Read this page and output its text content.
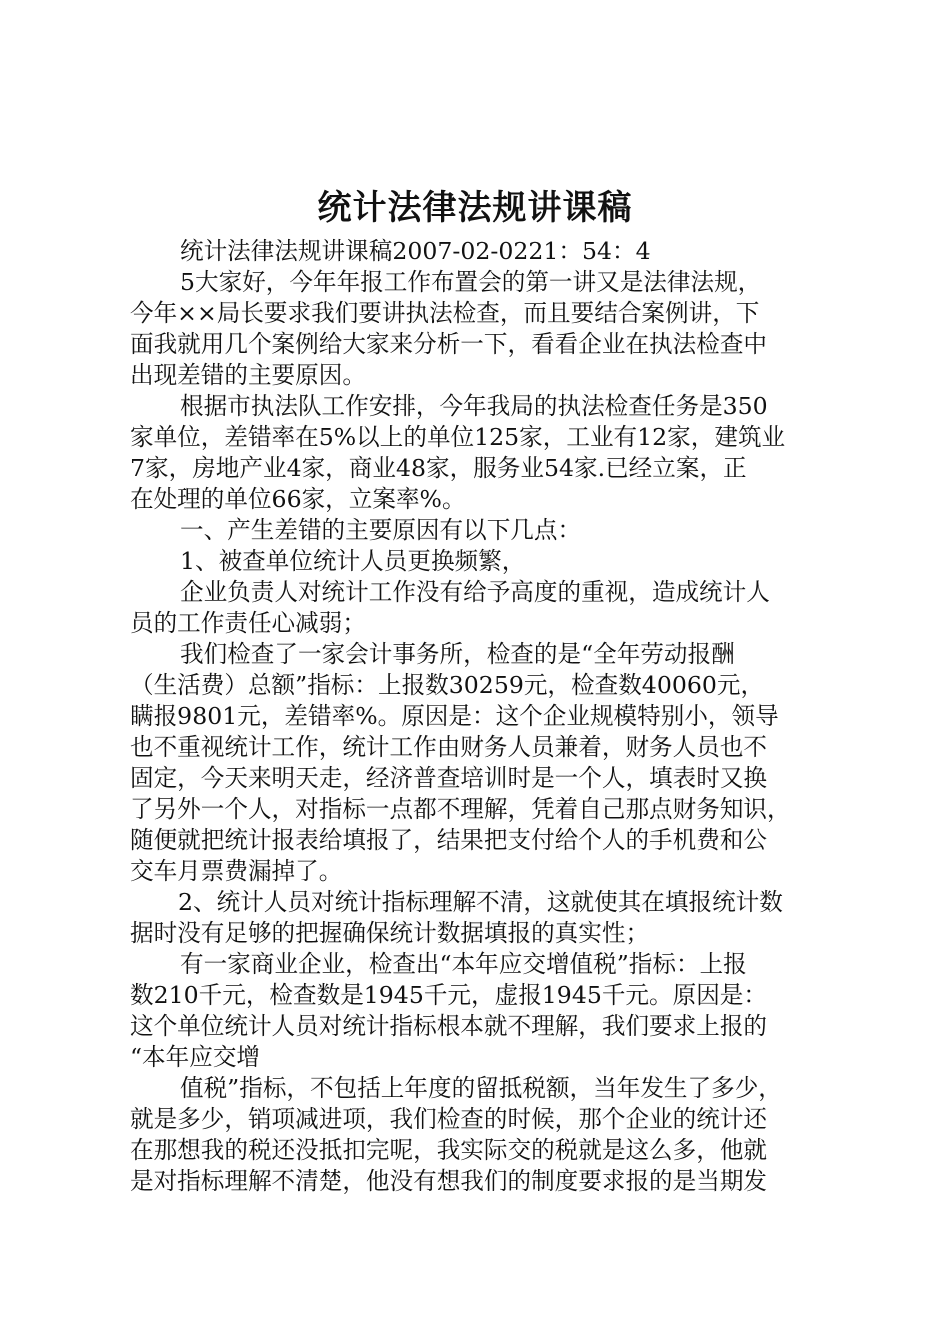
统计法律法规讲课稿
统计法律法规讲课稿2007-02-0221：54：4
5大家好，今年年报工作布置会的第一讲又是法律法规，
今年××局长要求我们要讲执法检查，而且要结合案例讲，下
面我就用几个案例给大家来分析一下，看看企业在执法检查中
出现差错的主要原因。
根据市执法队工作安排，今年我局的执法检查任务是350
家单位，差错率在5%以上的单位125家，工业有12家，建筑业
7家，房地产业4家，商业48家，服务业54家.已经立案，正
在处理的单位66家，立案率%。
一、产生差错的主要原因有以下几点：
1、被查单位统计人员更换频繁，
企业负责人对统计工作没有给予高度的重视，造成统计人
员的工作责任心减弱；
我们检查了一家会计事务所，检查的是“全年劳动报酬
（生活费）总额”指标：上报数30259元，检查数40060元，
瞒报9801元，差错率%。原因是：这个企业规模特别小，领导
也不重视统计工作，统计工作由财务人员兼着，财务人员也不
固定，今天来明天走，经济普查培训时是一个人，填表时又换
了另外一个人，对指标一点都不理解，凭着自己那点财务知识，
随便就把统计报表给填报了，结果把支付给个人的手机费和公
交车月票费漏掉了。
2、统计人员对统计指标理解不清，这就使其在填报统计数
据时没有足够的把握确保统计数据填报的真实性；
有一家商业企业，检查出“本年应交增值税”指标：上报
数210千元，检查数是1945千元，虚报1945千元。原因是：
这个单位统计人员对统计指标根本就不理解，我们要求上报的
“本年应交增
值税”指标，不包括上年度的留抵税额，当年发生了多少，
就是多少，销项减进项，我们检查的时候，那个企业的统计还
在那想我的税还没抵扣完呢，我实际交的税就是这么多，他就
是对指标理解不清楚，他没有想我们的制度要求报的是当期发
